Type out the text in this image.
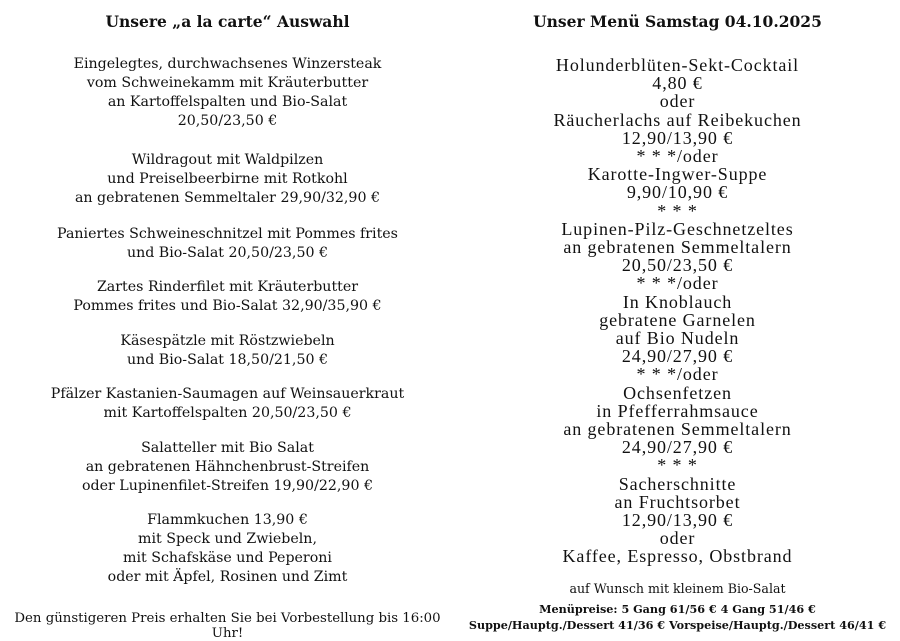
Unsere „a la carte“ Auswahl
Eingelegtes, durchwachsenes Winzersteak
vom Schweinekamm mit Kräuterbutter
an Kartoffelspalten und Bio-Salat
20,50/23,50 €
Wildragout mit Waldpilzen
und Preiselbeerbirne mit Rotkohl
an gebratenen Semmeltaler 29,90/32,90 €
Paniertes Schweineschnitzel mit Pommes frites
und Bio-Salat 20,50/23,50 €
Zartes Rinderfilet mit Kräuterbutter
Pommes frites und Bio-Salat 32,90/35,90 €
Käsespätzle mit Röstzwiebeln
und Bio-Salat 18,50/21,50 €
Pfälzer Kastanien-Saumagen auf Weinsauerkraut
mit Kartoffelspalten 20,50/23,50 €
Salatteller mit Bio Salat
an gebratenen Hähnchenbrust-Streifen
oder Lupinenfilet-Streifen 19,90/22,90 €
Flammkuchen 13,90 €
mit Speck und Zwiebeln,
mit Schafskäse und Peperoni
oder mit Äpfel, Rosinen und Zimt
Den günstigeren Preis erhalten Sie bei Vorbestellung bis 16:00 Uhr!
Unser Menü Samstag 04.10.2025
Holunderblüten-Sekt-Cocktail
4,80 €
oder
Räucherlachs auf Reibekuchen
12,90/13,90 €
* * */oder
Karotte-Ingwer-Suppe
9,90/10,90 €
* * *
Lupinen-Pilz-Geschnetzeltes
an gebratenen Semmeltalern
20,50/23,50 €
* * */oder
In Knoblauch
gebratene Garnelen
auf Bio Nudeln
24,90/27,90 €
* * */oder
Ochsenfetzen
in Pfefferrahmsauce
an gebratenen Semmeltalern
24,90/27,90 €
* * *
Sacherschnitte
an Fruchtsorbet
12,90/13,90 €
oder
Kaffee, Espresso, Obstbrand
auf Wunsch mit kleinem Bio-Salat
Menüpreise: 5 Gang 61/56 € 4 Gang 51/46 €
Suppe/Hauptg./Dessert 41/36 € Vorspeise/Hauptg./Dessert 46/41 €
